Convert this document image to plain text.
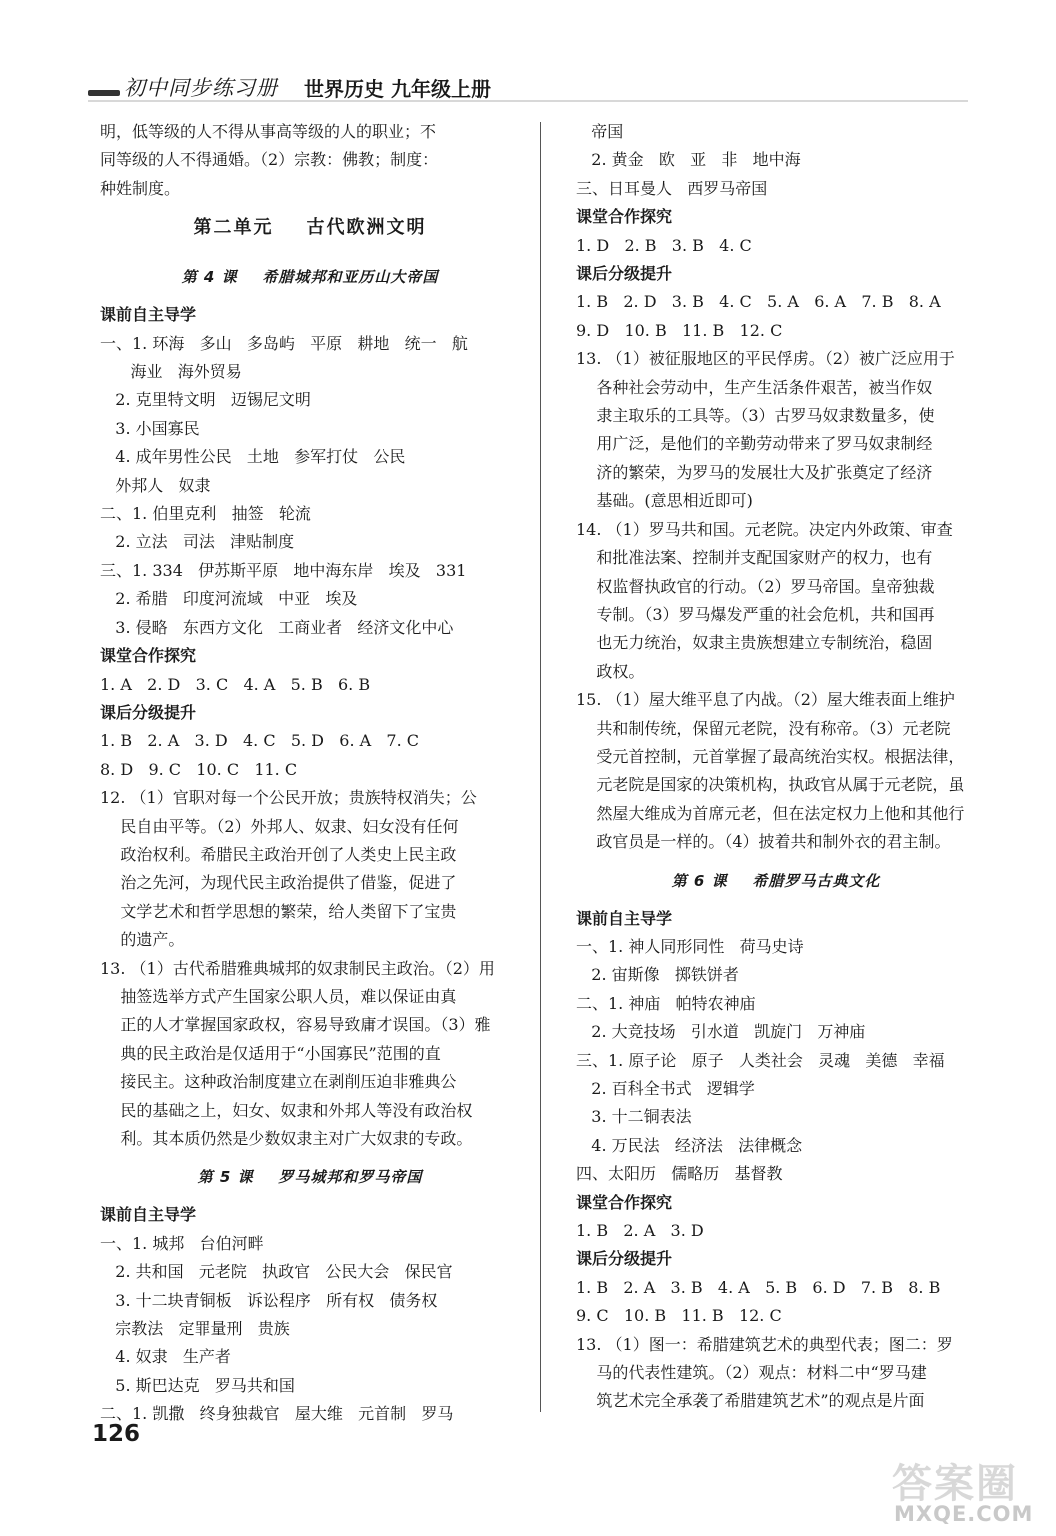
初中同步练习册 世界历史 九年级上册

明，低等级的人不得从事高等级的人的职业；不

同等级的人不得通婚。（2）宗教：佛教；制度：

种姓制度。

第二单元    古代欧洲文明

第 4 课    希腊城邦和亚历山大帝国

课前自主导学

一、1. 环海   多山   多岛屿   平原   耕地   统一   航

海业   海外贸易

2. 克里特文明   迈锡尼文明

3. 小国寡民

4. 成年男性公民   土地   参军打仗   公民

外邦人   奴隶

二、1. 伯里克利   抽签   轮流

2. 立法   司法   津贴制度

三、1. 334   伊苏斯平原   地中海东岸   埃及   331

2. 希腊   印度河流域   中亚   埃及

3. 侵略   东西方文化   工商业者   经济文化中心

课堂合作探究

1. A   2. D   3. C   4. A   5. B   6. B

课后分级提升

1. B   2. A   3. D   4. C   5. D   6. A   7. C

8. D   9. C   10. C   11. C

12. （1）官职对每一个公民开放；贵族特权消失；公

民自由平等。（2）外邦人、奴隶、妇女没有任何

政治权利。希腊民主政治开创了人类史上民主政

治之先河，为现代民主政治提供了借鉴，促进了

文学艺术和哲学思想的繁荣，给人类留下了宝贵

的遗产。

13. （1）古代希腊雅典城邦的奴隶制民主政治。（2）用

抽签选举方式产生国家公职人员，难以保证由真

正的人才掌握国家政权，容易导致庸才误国。（3）雅

典的民主政治是仅适用于“小国寡民”范围的直

接民主。这种政治制度建立在剥削压迫非雅典公

民的基础之上，妇女、奴隶和外邦人等没有政治权

利。其本质仍然是少数奴隶主对广大奴隶的专政。

第 5 课    罗马城邦和罗马帝国

课前自主导学

一、1. 城邦   台伯河畔

2. 共和国   元老院   执政官   公民大会   保民官

3. 十二块青铜板   诉讼程序   所有权   债务权

宗教法   定罪量刑   贵族

4. 奴隶   生产者

5. 斯巴达克   罗马共和国

二、1. 凯撒   终身独裁官   屋大维   元首制   罗马

帝国

2. 黄金   欧   亚   非   地中海

三、日耳曼人   西罗马帝国

课堂合作探究

1. D   2. B   3. B   4. C

课后分级提升

1. B   2. D   3. B   4. C   5. A   6. A   7. B   8. A

9. D   10. B   11. B   12. C

13. （1）被征服地区的平民俘虏。（2）被广泛应用于

各种社会劳动中，生产生活条件艰苦，被当作奴

隶主取乐的工具等。（3）古罗马奴隶数量多，使

用广泛，是他们的辛勤劳动带来了罗马奴隶制经

济的繁荣，为罗马的发展壮大及扩张奠定了经济

基础。(意思相近即可)

14. （1）罗马共和国。元老院。决定内外政策、审查

和批准法案、控制并支配国家财产的权力，也有

权监督执政官的行动。（2）罗马帝国。皇帝独裁

专制。（3）罗马爆发严重的社会危机，共和国再

也无力统治，奴隶主贵族想建立专制统治，稳固

政权。

15. （1）屋大维平息了内战。（2）屋大维表面上维护

共和制传统，保留元老院，没有称帝。（3）元老院

受元首控制，元首掌握了最高统治实权。根据法律，

元老院是国家的决策机构，执政官从属于元老院，虽

然屋大维成为首席元老，但在法定权力上他和其他行

政官员是一样的。（4）披着共和制外衣的君主制。

第 6 课    希腊罗马古典文化

课前自主导学

一、1. 神人同形同性   荷马史诗

2. 宙斯像   掷铁饼者

二、1. 神庙   帕特农神庙

2. 大竞技场   引水道   凯旋门   万神庙

三、1. 原子论   原子   人类社会   灵魂   美德   幸福

2. 百科全书式   逻辑学

3. 十二铜表法

4. 万民法   经济法   法律概念

四、太阳历   儒略历   基督教

课堂合作探究

1. B   2. A   3. D

课后分级提升

1. B   2. A   3. B   4. A   5. B   6. D   7. B   8. B

9. C   10. B   11. B   12. C

13. （1）图一：希腊建筑艺术的典型代表；图二：罗

马的代表性建筑。（2）观点：材料二中“罗马建

筑艺术完全承袭了希腊建筑艺术”的观点是片面

126
答案圈
MXQE.COM
